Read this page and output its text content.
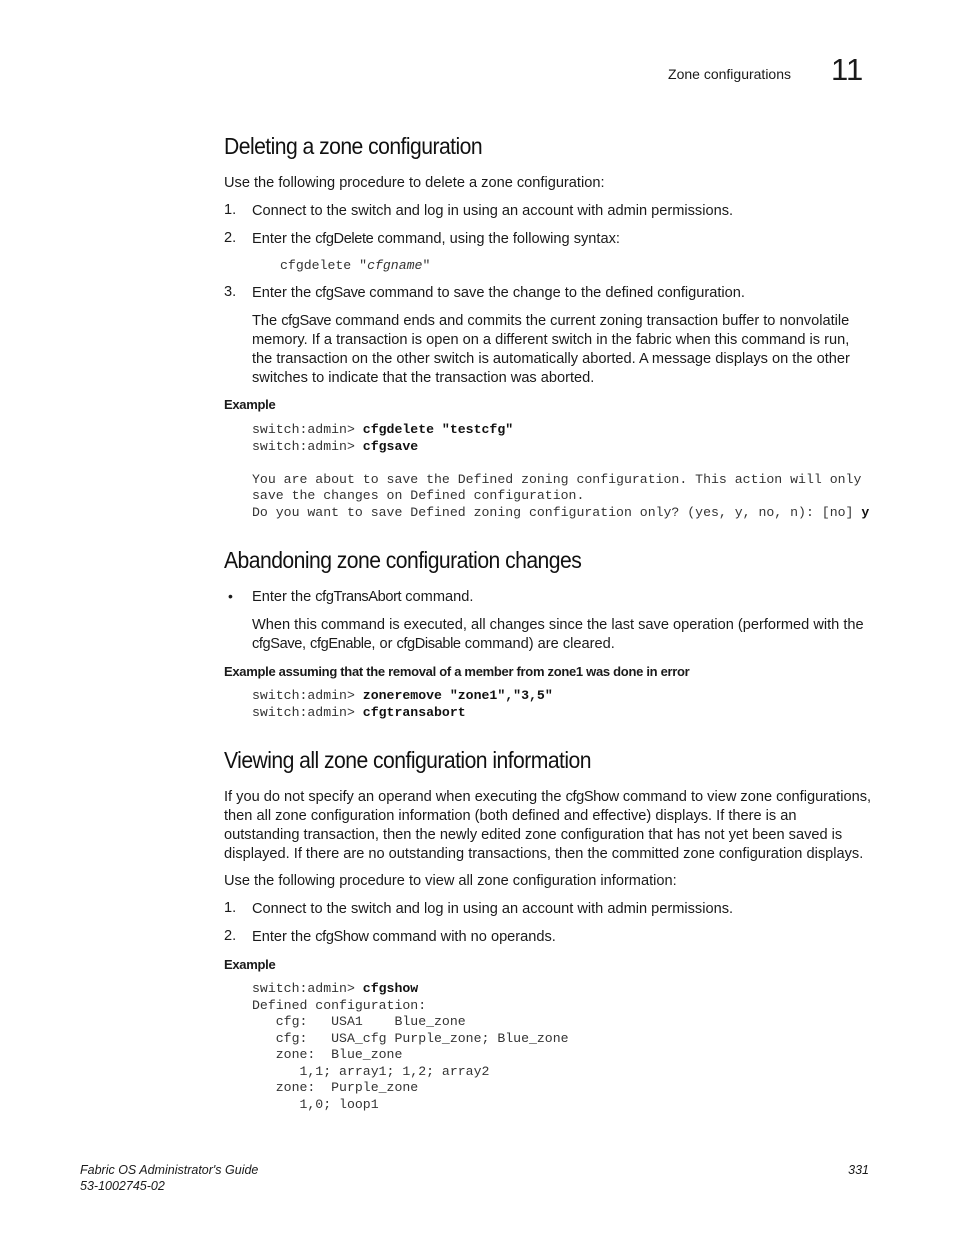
Zone configurations 11
Deleting a zone configuration

Use the following procedure to delete a zone configuration:

1. Connect to the switch and log in using an account with admin permissions.

2. Enter the cfgDelete command, using the following syntax:

cfgdelete "cfgname"
3. Enter the cfgSave command to save the change to the defined configuration.

The cfgSave command ends and commits the current zoning transaction buffer to nonvolatile memory. If a transaction is open on a different switch in the fabric when this command is run, the transaction on the other switch is automatically aborted. A message displays on the other switches to indicate that the transaction was aborted.

Example
switch:admin> cfgdelete "testcfg"
switch:admin> cfgsave

You are about to save the Defined zoning configuration. This action will only
save the changes on Defined configuration.
Do you want to save Defined zoning configuration only? (yes, y, no, n): [no] y
Abandoning zone configuration changes
• Enter the cfgTransAbort command.

When this command is executed, all changes since the last save operation (performed with the cfgSave, cfgEnable, or cfgDisable command) are cleared.

Example assuming that the removal of a member from zone1 was done in error
switch:admin> zoneremove "zone1","3,5"
switch:admin> cfgtransabort
Viewing all zone configuration information

If you do not specify an operand when executing the cfgShow command to view zone configurations, then all zone configuration information (both defined and effective) displays. If there is an outstanding transaction, then the newly edited zone configuration that has not yet been saved is displayed. If there are no outstanding transactions, then the committed zone configuration displays.

Use the following procedure to view all zone configuration information:

1. Connect to the switch and log in using an account with admin permissions.

2. Enter the cfgShow command with no operands.

Example
switch:admin> cfgshow
Defined configuration:
cfg:   USA1    Blue_zone
cfg:   USA_cfg Purple_zone; Blue_zone
zone:  Blue_zone
1,1; array1; 1,2; array2
zone:  Purple_zone
1,0; loop1
Fabric OS Administrator's Guide
53-1002745-02
331
